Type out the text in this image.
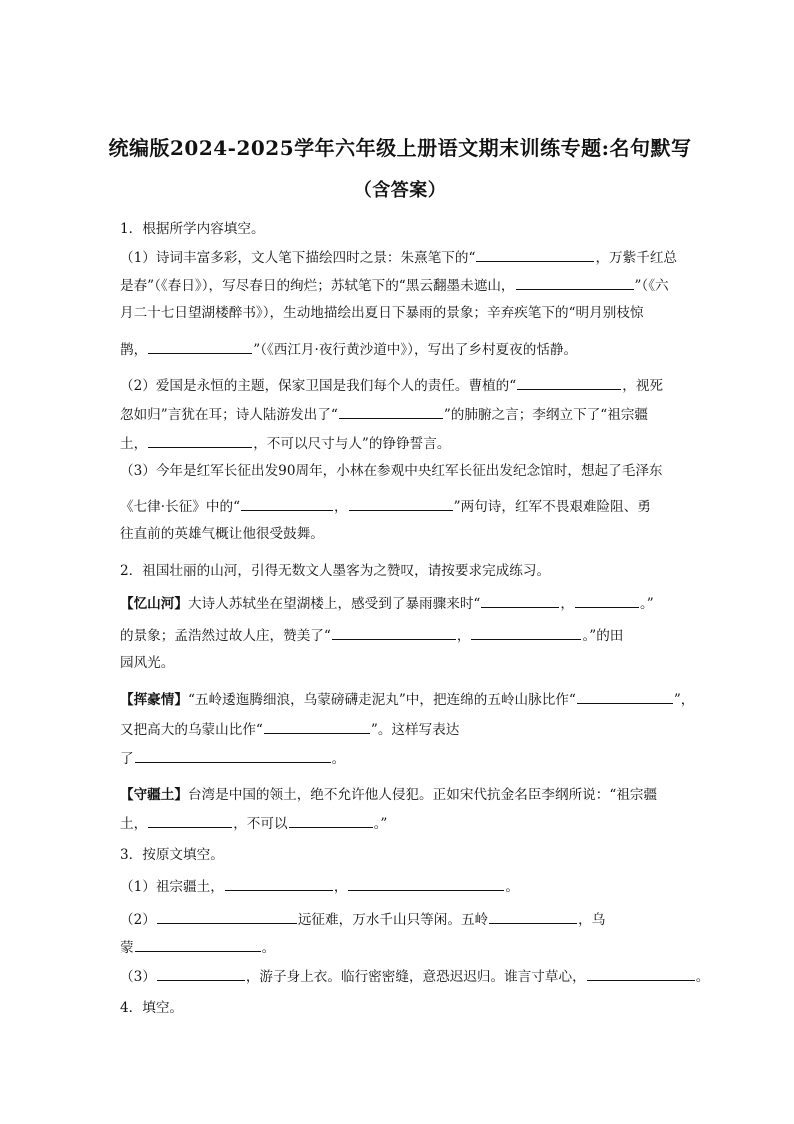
统编版2024-2025学年六年级上册语文期末训练专题:名句默写
（含答案）
1．根据所学内容填空。
（1）诗词丰富多彩，文人笔下描绘四时之景：朱熹笔下的“	，万紫千红总
是春”（《春日》），写尽春日的绚烂；苏轼笔下的“黑云翻墨未遮山，	”（《六
月二十七日望湖楼醉书》），生动地描绘出夏日下暴雨的景象；辛弃疾笔下的“明月别枝惊
鹊，	”（《西江月·夜行黄沙道中》），写出了乡村夏夜的恬静。
（2）爱国是永恒的主题，保家卫国是我们每个人的责任。曹植的“	，视死
忽如归”言犹在耳；诗人陆游发出了“	”的肺腑之言；李纲立下了“祖宗疆
土，	，不可以尺寸与人”的铮铮誓言。
（3）今年是红军长征出发90周年，小林在参观中央红军长征出发纪念馆时，想起了毛泽东
《七律·长征》中的“	，	”两句诗，红军不畏艰难险阻、勇
往直前的英雄气概让他很受鼓舞。
2．祖国壮丽的山河，引得无数文人墨客为之赞叹，请按要求完成练习。
【忆山河】大诗人苏轼坐在望湖楼上，感受到了暴雨骤来时“	，	。”
的景象；孟浩然过故人庄，赞美了“	，	。”的田
园风光。
【挥豪情】“五岭逶迤腾细浪，乌蒙磅礴走泥丸”中，把连绵的五岭山脉比作“	”，
又把高大的乌蒙山比作“	”。这样写表达
了	。
【守疆土】台湾是中国的领土，绝不允许他人侵犯。正如宋代抗金名臣李纲所说：“祖宗疆
土，	，不可以	。”
3．按原文填空。
（1）祖宗疆土，	，	。
（2）	远征难，万水千山只等闲。五岭	，乌
蒙	。
（3）	，游子身上衣。临行密密缝，意恐迟迟归。谁言寸草心，	。
4．填空。
